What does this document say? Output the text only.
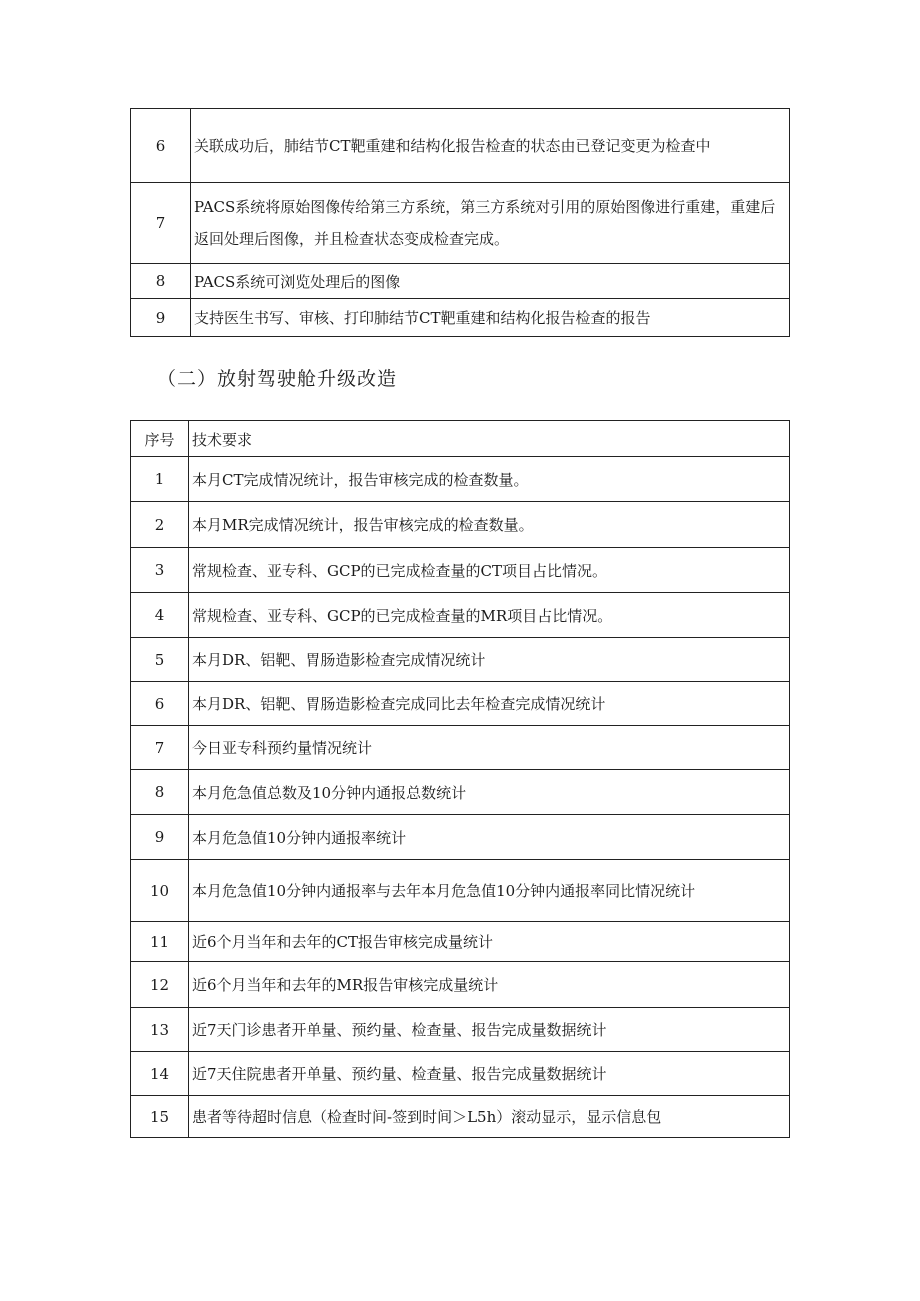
6	关联成功后，肺结节CT靶重建和结构化报告检查的状态由已登记变更为检查中
7	PACS系统将原始图像传给第三方系统，第三方系统对引用的原始图像进行重建，重建后返回处理后图像，并且检查状态变成检查完成。
8	PACS系统可浏览处理后的图像
9	支持医生书写、审核、打印肺结节CT靶重建和结构化报告检查的报告
（二）放射驾驶舱升级改造
序号	技术要求
1	本月CT完成情况统计，报告审核完成的检查数量。
2	本月MR完成情况统计，报告审核完成的检查数量。
3	常规检查、亚专科、GCP的已完成检查量的CT项目占比情况。
4	常规检查、亚专科、GCP的已完成检查量的MR项目占比情况。
5	本月DR、铝靶、胃肠造影检查完成情况统计
6	本月DR、铝靶、胃肠造影检查完成同比去年检查完成情况统计
7	今日亚专科预约量情况统计
8	本月危急值总数及10分钟内通报总数统计
9	本月危急值10分钟内通报率统计
10	本月危急值10分钟内通报率与去年本月危急值10分钟内通报率同比情况统计
11	近6个月当年和去年的CT报告审核完成量统计
12	近6个月当年和去年的MR报告审核完成量统计
13	近7天门诊患者开单量、预约量、检查量、报告完成量数据统计
14	近7天住院患者开单量、预约量、检查量、报告完成量数据统计
15	患者等待超时信息（检查时间-签到时间＞L5h）滚动显示，显示信息包
